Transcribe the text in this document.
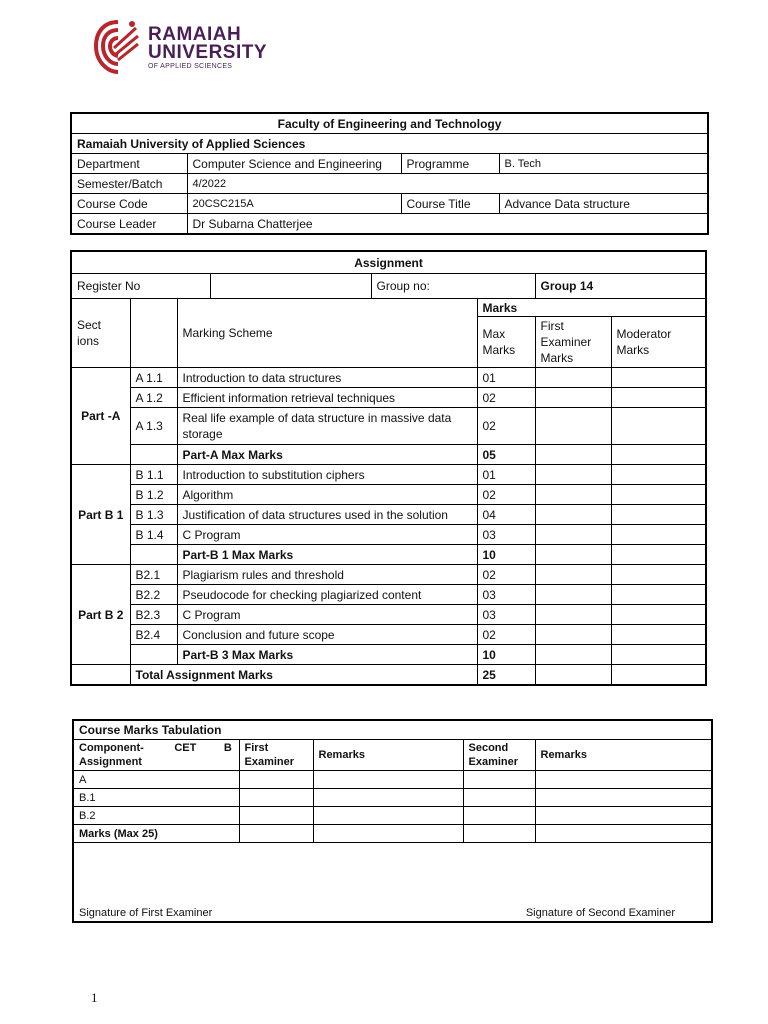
RAMAIAH
UNIVERSITY
OF APPLIED SCIENCES
Faculty of Engineering and Technology			
Ramaiah University of Applied Sciences			
Department	Computer Science and Engineering	Programme	B. Tech
Semester/Batch	4/2022		
Course Code	20CSC215A	Course Title	Advance Data structure
Course Leader	Dr Subarna Chatterjee		
Assignment							
Register No				Group no:		Group 14	
Sect ions		Marking Scheme			Marks		
					Max Marks	First Examiner Marks	Moderator Marks
Part -A	A 1.1	Introduction to data structures			01		
	A 1.2	Efficient information retrieval techniques			02		
	A 1.3	Real life example of data structure in massive data storage			02		
		Part-A Max Marks			05		
Part B 1	B 1.1	Introduction to substitution ciphers			01		
	B 1.2	Algorithm			02		
	B 1.3	Justification of data structures used in the solution			04		
	B 1.4	C Program			03		
		Part-B 1 Max Marks			10		
Part B 2	B2.1	Plagiarism rules and threshold			02		
	B2.2	Pseudocode for checking plagiarized content			03		
	B2.3	C Program			03		
	B2.4	Conclusion and future scope			02		
		Part-B 3 Max Marks			10		
	Total Assignment Marks				25		
Course Marks Tabulation				
Component-          CET         B Assignment	First Examiner	Remarks	Second Examiner	Remarks
A				
B.1				
B.2				
Marks (Max 25)				

Signature of First Examiner Signature of Second Examiner				
1
